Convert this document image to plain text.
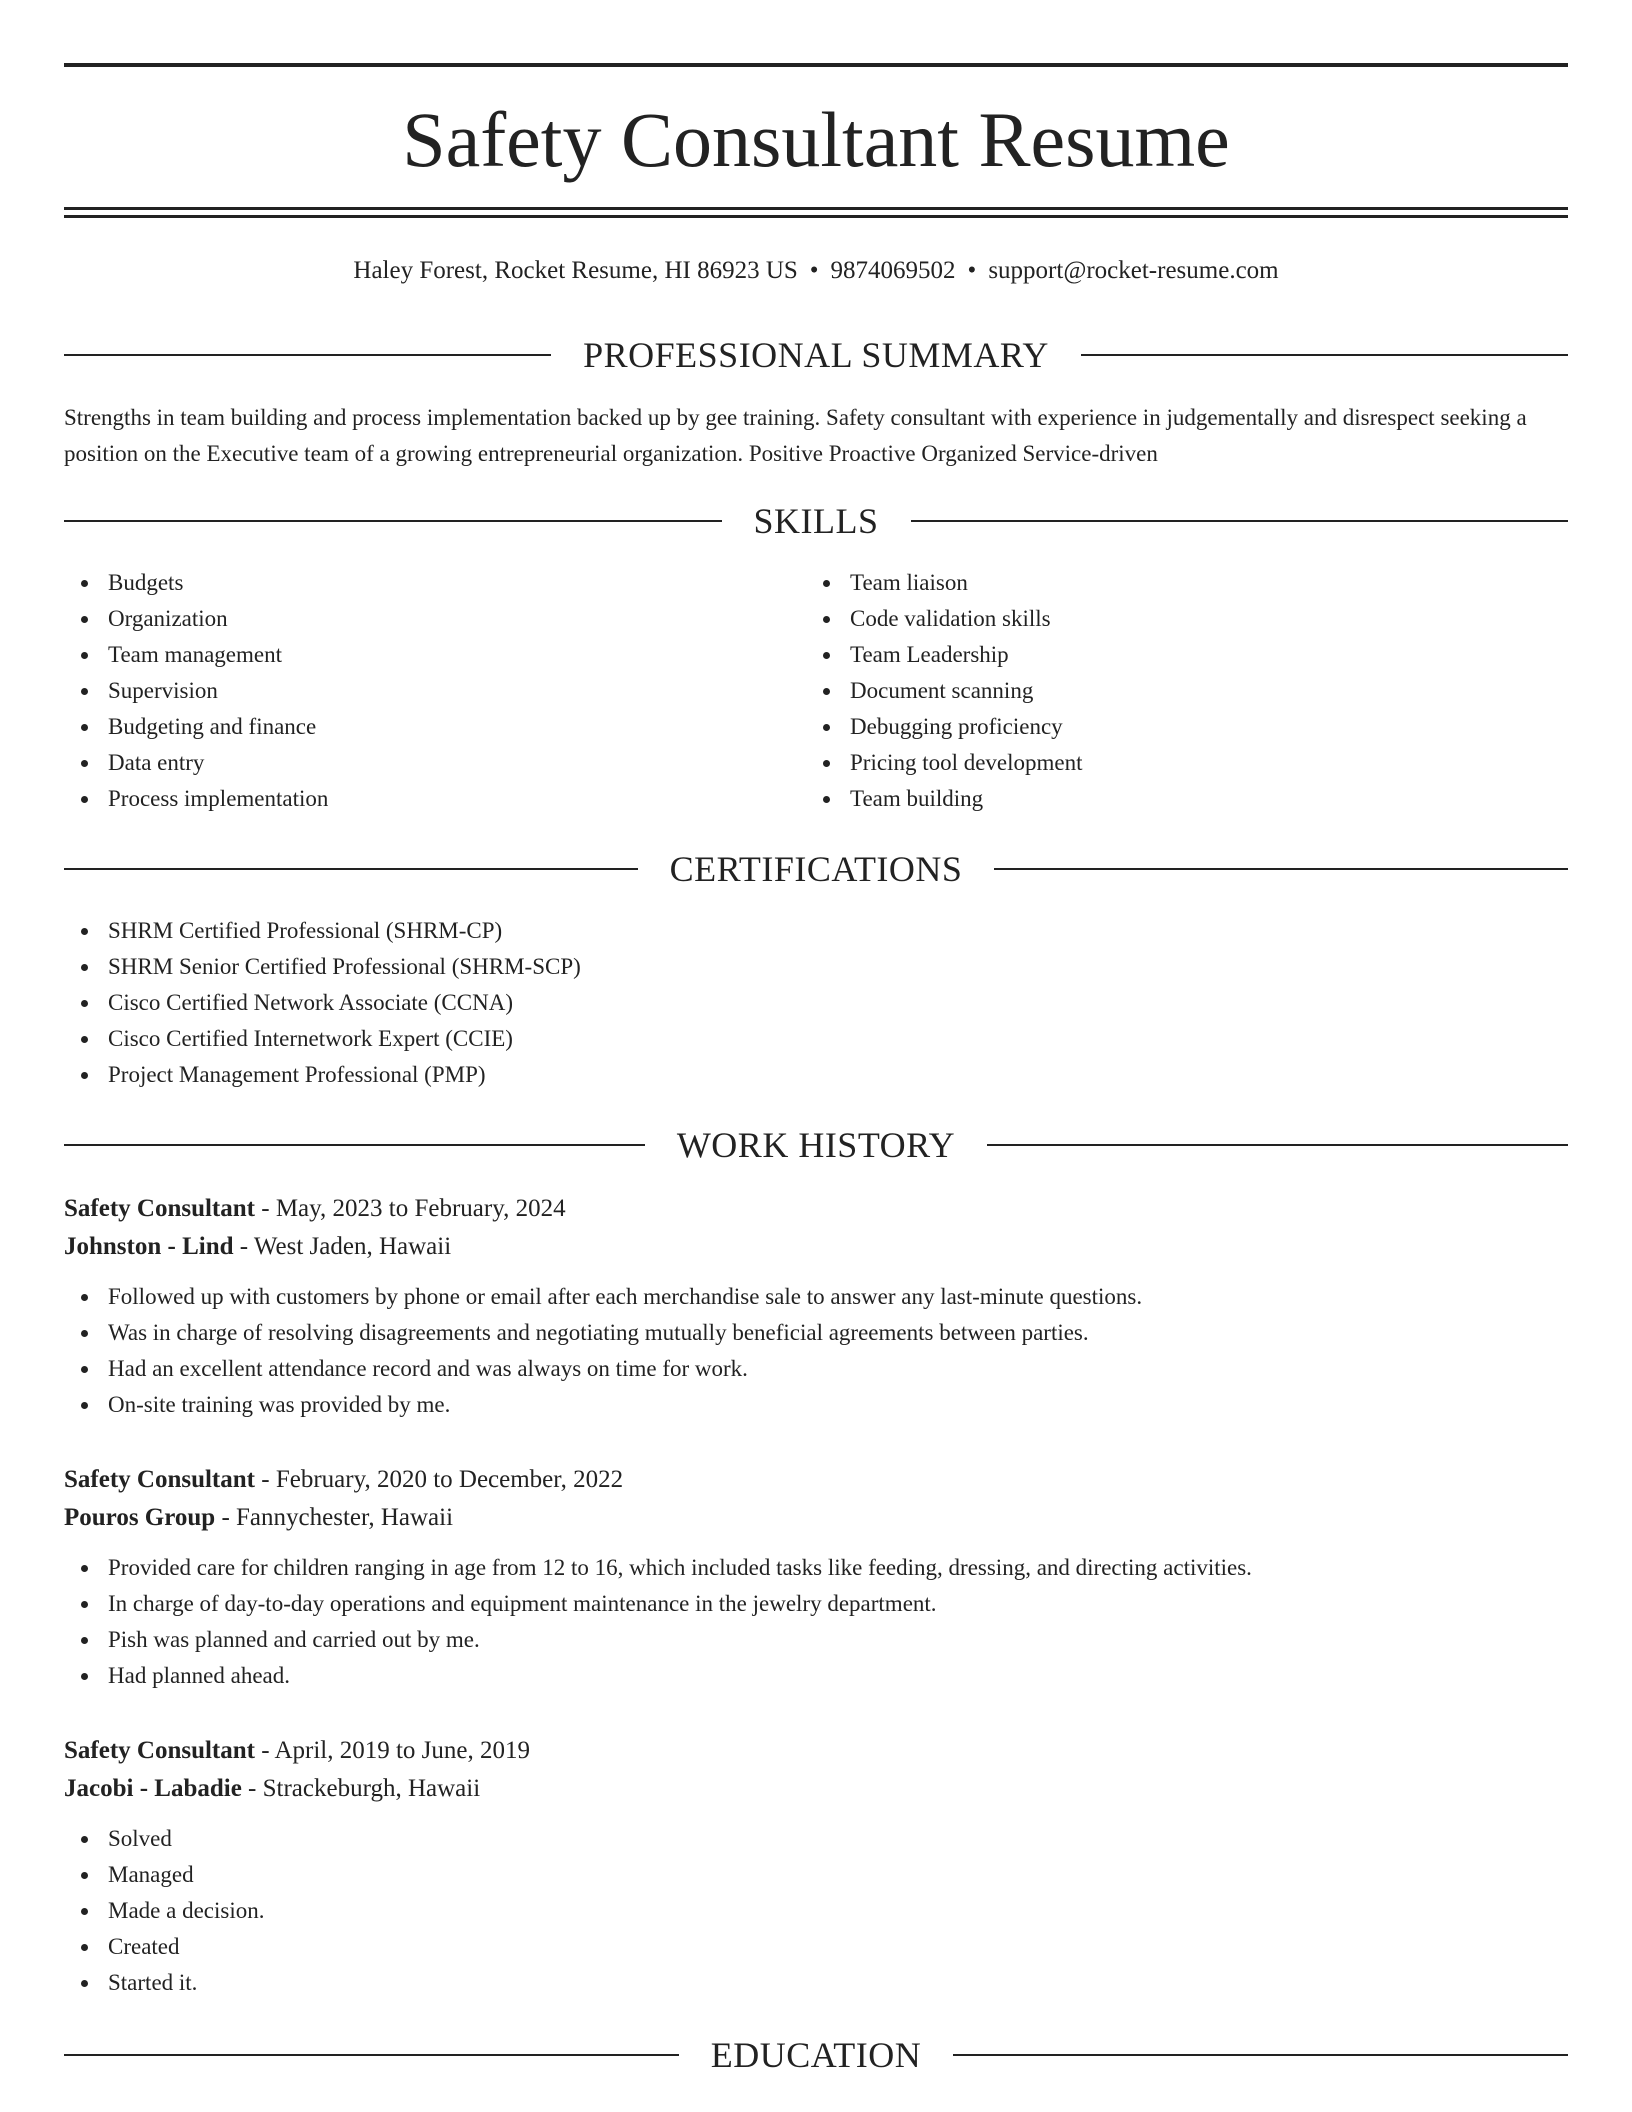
Safety Consultant Resume
Haley Forest, Rocket Resume, HI 86923 US • 9874069502 • support@rocket-resume.com
PROFESSIONAL SUMMARY

Strengths in team building and process implementation backed up by gee training. Safety consultant with experience in judgementally and disrespect seeking a position on the Executive team of a growing entrepreneurial organization. Positive Proactive Organized Service-driven

SKILLS
Budgets
Organization
Team management
Supervision
Budgeting and finance
Data entry
Process implementation
Team liaison
Code validation skills
Team Leadership
Document scanning
Debugging proficiency
Pricing tool development
Team building
CERTIFICATIONS
SHRM Certified Professional (SHRM-CP)
SHRM Senior Certified Professional (SHRM-SCP)
Cisco Certified Network Associate (CCNA)
Cisco Certified Internetwork Expert (CCIE)
Project Management Professional (PMP)
WORK HISTORY
Safety Consultant - May, 2023 to February, 2024
Johnston - Lind - West Jaden, Hawaii
Followed up with customers by phone or email after each merchandise sale to answer any last-minute questions.
Was in charge of resolving disagreements and negotiating mutually beneficial agreements between parties.
Had an excellent attendance record and was always on time for work.
On-site training was provided by me.
Safety Consultant - February, 2020 to December, 2022
Pouros Group - Fannychester, Hawaii
Provided care for children ranging in age from 12 to 16, which included tasks like feeding, dressing, and directing activities.
In charge of day-to-day operations and equipment maintenance in the jewelry department.
Pish was planned and carried out by me.
Had planned ahead.
Safety Consultant - April, 2019 to June, 2019
Jacobi - Labadie - Strackeburgh, Hawaii
Solved
Managed
Made a decision.
Created
Started it.
EDUCATION
